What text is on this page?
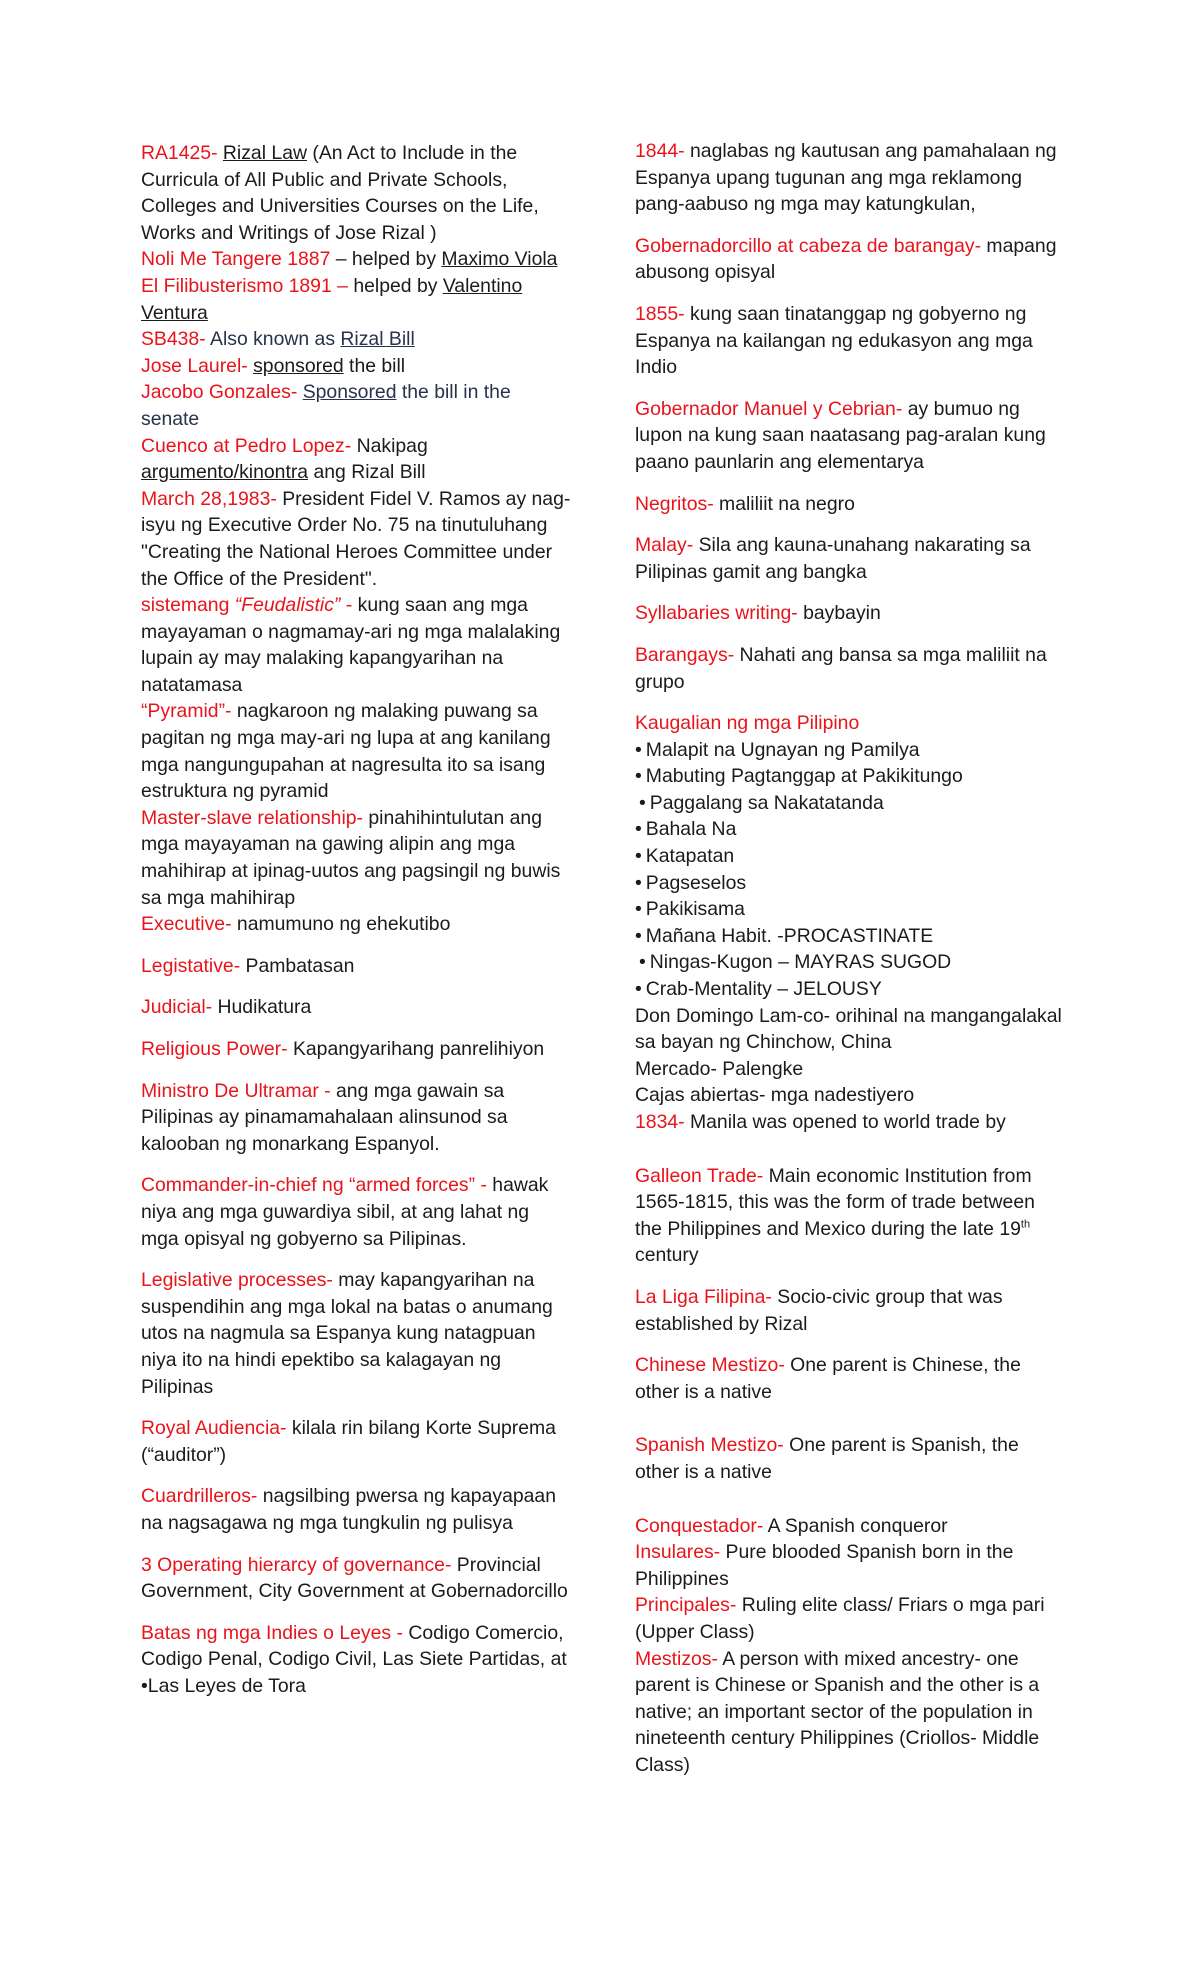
RA1425- Rizal Law (An Act to Include in the Curricula of All Public and Private Schools, Colleges and Universities Courses on the Life, Works and Writings of Jose Rizal )

Noli Me Tangere 1887 – helped by Maximo Viola

El Filibusterismo 1891 – helped by Valentino Ventura

SB438- Also known as Rizal Bill

Jose Laurel- sponsored the bill

Jacobo Gonzales- Sponsored the bill in the senate

Cuenco at Pedro Lopez- Nakipag argumento/kinontra ang Rizal Bill

March 28,1983- President Fidel V. Ramos ay nag-isyu ng Executive Order No. 75 na tinutuluhang "Creating the National Heroes Committee under the Office of the President".

sistemang “Feudalistic” - kung saan ang mga mayayaman o nagmamay-ari ng mga malalaking lupain ay may malaking kapangyarihan na natatamasa

“Pyramid”- nagkaroon ng malaking puwang sa pagitan ng mga may-ari ng lupa at ang kanilang mga nangungupahan at nagresulta ito sa isang estruktura ng pyramid

Master-slave relationship- pinahihintulutan ang mga mayayaman na gawing alipin ang mga mahihirap at ipinag-uutos ang pagsingil ng buwis sa mga mahihirap

Executive- namumuno ng ehekutibo

Legistative- Pambatasan

Judicial- Hudikatura

Religious Power- Kapangyarihang panrelihiyon

Ministro De Ultramar - ang mga gawain sa Pilipinas ay pinamamahalaan alinsunod sa kalooban ng monarkang Espanyol.

Commander-in-chief ng “armed forces” - hawak niya ang mga guwardiya sibil, at ang lahat ng mga opisyal ng gobyerno sa Pilipinas.

Legislative processes- may kapangyarihan na suspendihin ang mga lokal na batas o anumang utos na nagmula sa Espanya kung natagpuan niya ito na hindi epektibo sa kalagayan ng Pilipinas

Royal Audiencia- kilala rin bilang Korte Suprema (“auditor”)

Cuardrilleros- nagsilbing pwersa ng kapayapaan na nagsagawa ng mga tungkulin ng pulisya

3 Operating hierarcy of governance- Provincial Government, City Government at Gobernadorcillo

Batas ng mga Indies o Leyes - Codigo Comercio, Codigo Penal, Codigo Civil, Las Siete Partidas, at •Las Leyes de Tora

1844- naglabas ng kautusan ang pamahalaan ng Espanya upang tugunan ang mga reklamong pang-aabuso ng mga may katungkulan,

Gobernadorcillo at cabeza de barangay- mapang abusong opisyal

1855- kung saan tinatanggap ng gobyerno ng Espanya na kailangan ng edukasyon ang mga Indio

Gobernador Manuel y Cebrian- ay bumuo ng lupon na kung saan naatasang pag-aralan kung paano paunlarin ang elementarya

Negritos- maliliit na negro

Malay- Sila ang kauna-unahang nakarating sa Pilipinas gamit ang bangka

Syllabaries writing- baybayin

Barangays- Nahati ang bansa sa mga maliliit na grupo

Kaugalian ng mga Pilipino

• Malapit na Ugnayan ng Pamilya
• Mabuting Pagtanggap at Pakikitungo
• Paggalang sa Nakatatanda
• Bahala Na
• Katapatan
• Pagseselos
• Pakikisama
• Mañana Habit. -PROCASTINATE
• Ningas-Kugon – MAYRAS SUGOD
• Crab-Mentality – JELOUSY

Don Domingo Lam-co- orihinal na mangangalakal sa bayan ng Chinchow, China

Mercado- Palengke

Cajas abiertas- mga nadestiyero

1834- Manila was opened to world trade by

Galleon Trade- Main economic Institution from 1565-1815, this was the form of trade between the Philippines and Mexico during the late 19th century

La Liga Filipina- Socio-civic group that was established by Rizal

Chinese Mestizo- One parent is Chinese, the other is a native

Spanish Mestizo- One parent is Spanish, the other is a native

Conquestador- A Spanish conqueror

Insulares- Pure blooded Spanish born in the Philippines

Principales- Ruling elite class/ Friars o mga pari (Upper Class)

Mestizos- A person with mixed ancestry- one parent is Chinese or Spanish and the other is a native; an important sector of the population in nineteenth century Philippines (Criollos- Middle Class)
